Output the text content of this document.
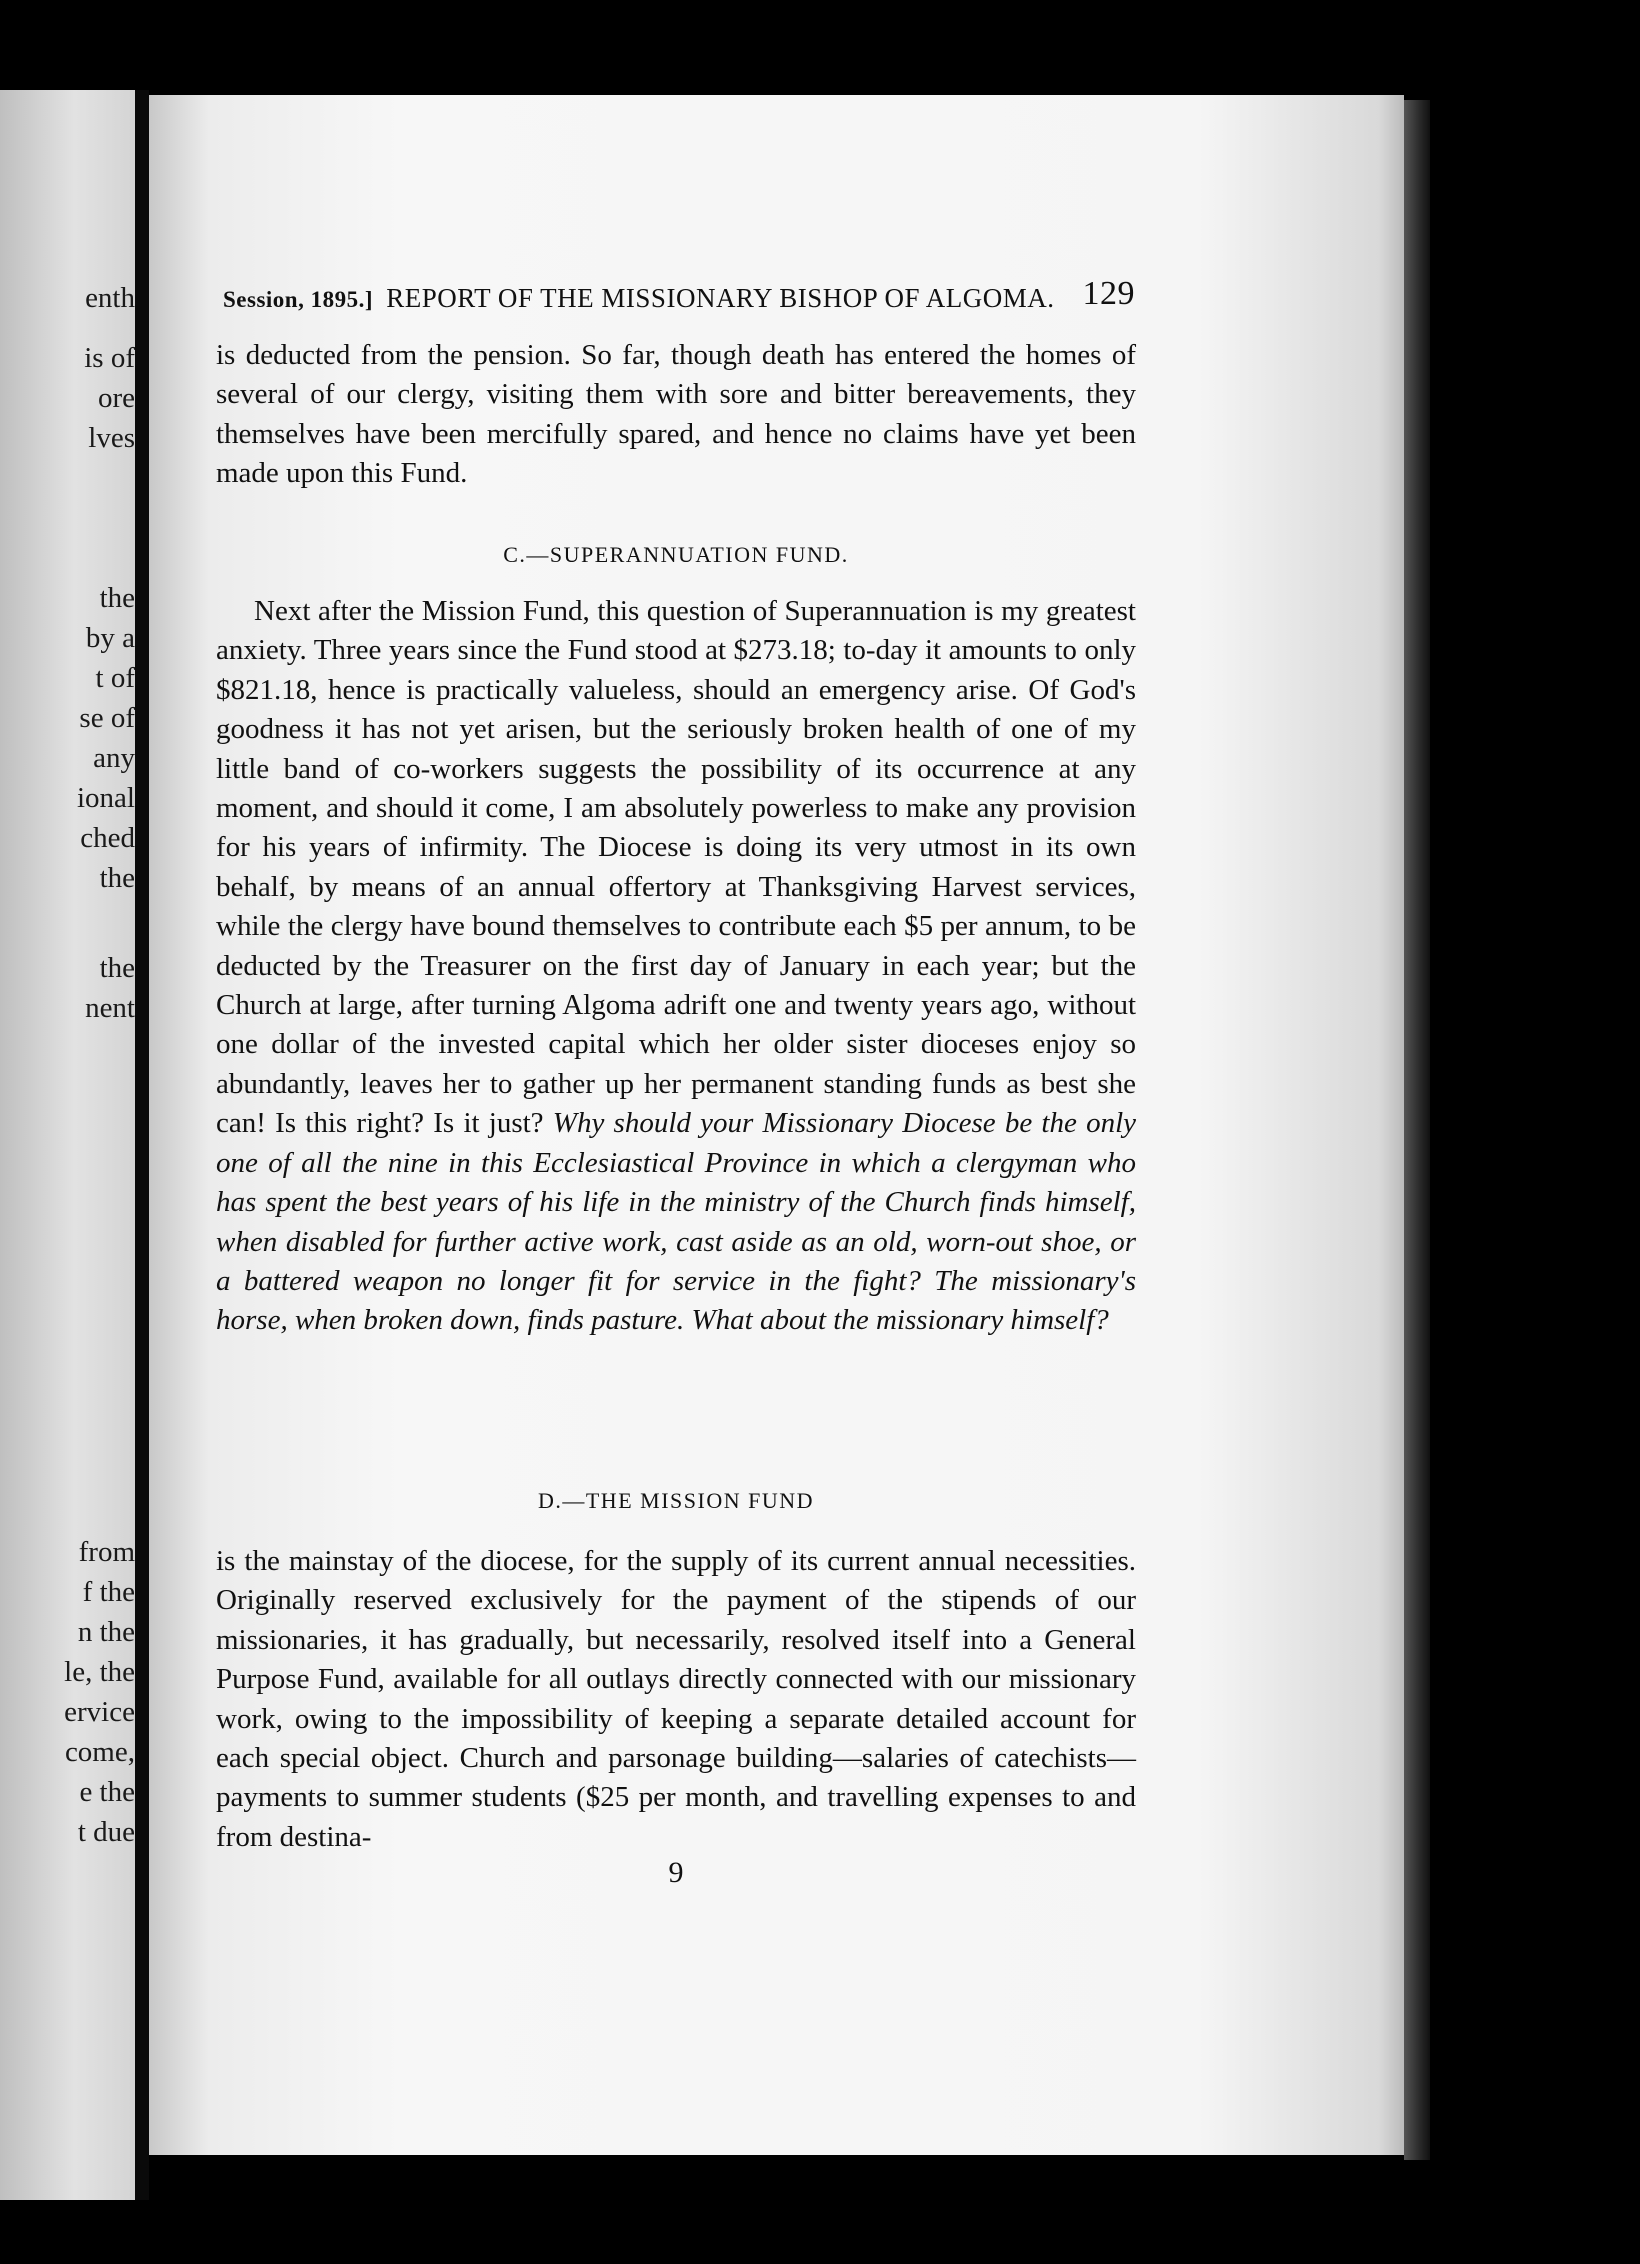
enth
is of
ore
lves
the
by a
t of
se of
any
ional
ched
the
the
nent
from
f the
n the
le, the
ervice
come,
e the
t due
Session, 1895.] REPORT OF THE MISSIONARY BISHOP OF ALGOMA. 129

is deducted from the pension. So far, though death has entered the homes of several of our clergy, visiting them with sore and bitter bereavements, they themselves have been mercifully spared, and hence no claims have yet been made upon this Fund.

C.—SUPERANNUATION FUND.

Next after the Mission Fund, this question of Superannuation is my greatest anxiety. Three years since the Fund stood at $273.18; to-day it amounts to only $821.18, hence is practically valueless, should an emergency arise. Of God's goodness it has not yet arisen, but the seriously broken health of one of my little band of co-workers suggests the possibility of its occurrence at any moment, and should it come, I am absolutely powerless to make any provision for his years of infirmity. The Diocese is doing its very utmost in its own behalf, by means of an annual offertory at Thanksgiving Harvest services, while the clergy have bound themselves to contribute each $5 per annum, to be deducted by the Treasurer on the first day of January in each year; but the Church at large, after turning Algoma adrift one and twenty years ago, without one dollar of the invested capital which her older sister dioceses enjoy so abundantly, leaves her to gather up her permanent standing funds as best she can! Is this right? Is it just? Why should your Missionary Diocese be the only one of all the nine in this Ecclesiastical Province in which a clergyman who has spent the best years of his life in the ministry of the Church finds himself, when disabled for further active work, cast aside as an old, worn-out shoe, or a battered weapon no longer fit for service in the fight? The missionary's horse, when broken down, finds pasture. What about the missionary himself?

D.—THE MISSION FUND

is the mainstay of the diocese, for the supply of its current annual necessities. Originally reserved exclusively for the payment of the stipends of our missionaries, it has gradually, but necessarily, resolved itself into a General Purpose Fund, available for all outlays directly connected with our missionary work, owing to the impossibility of keeping a separate detailed account for each special object. Church and parsonage building—salaries of catechists—payments to summer students ($25 per month, and travelling expenses to and from destina-

9
